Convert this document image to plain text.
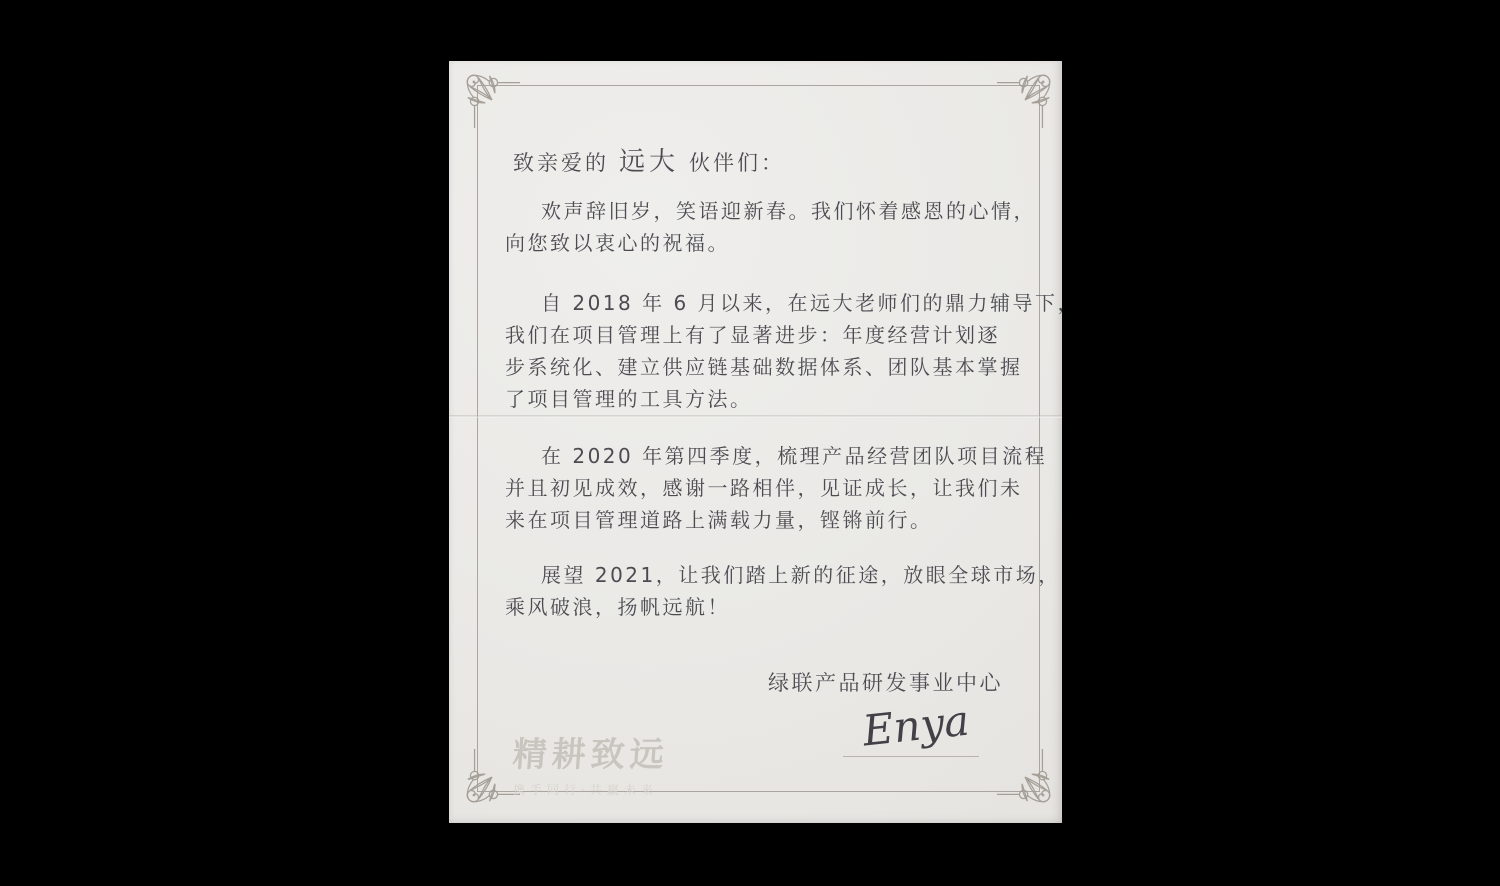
致亲爱的 远大 伙伴们：
欢声辞旧岁，笑语迎新春。我们怀着感恩的心情，
向您致以衷心的祝福。
自 2018 年 6 月以来，在远大老师们的鼎力辅导下，
我们在项目管理上有了显著进步：年度经营计划逐
步系统化、建立供应链基础数据体系、团队基本掌握
了项目管理的工具方法。
在 2020 年第四季度，梳理产品经营团队项目流程
并且初见成效，感谢一路相伴，见证成长，让我们未
来在项目管理道路上满载力量，铿锵前行。
展望 2021，让我们踏上新的征途，放眼全球市场，
乘风破浪，扬帆远航！
绿联产品研发事业中心
Enya
精耕致远
携手同行·共赢未来
